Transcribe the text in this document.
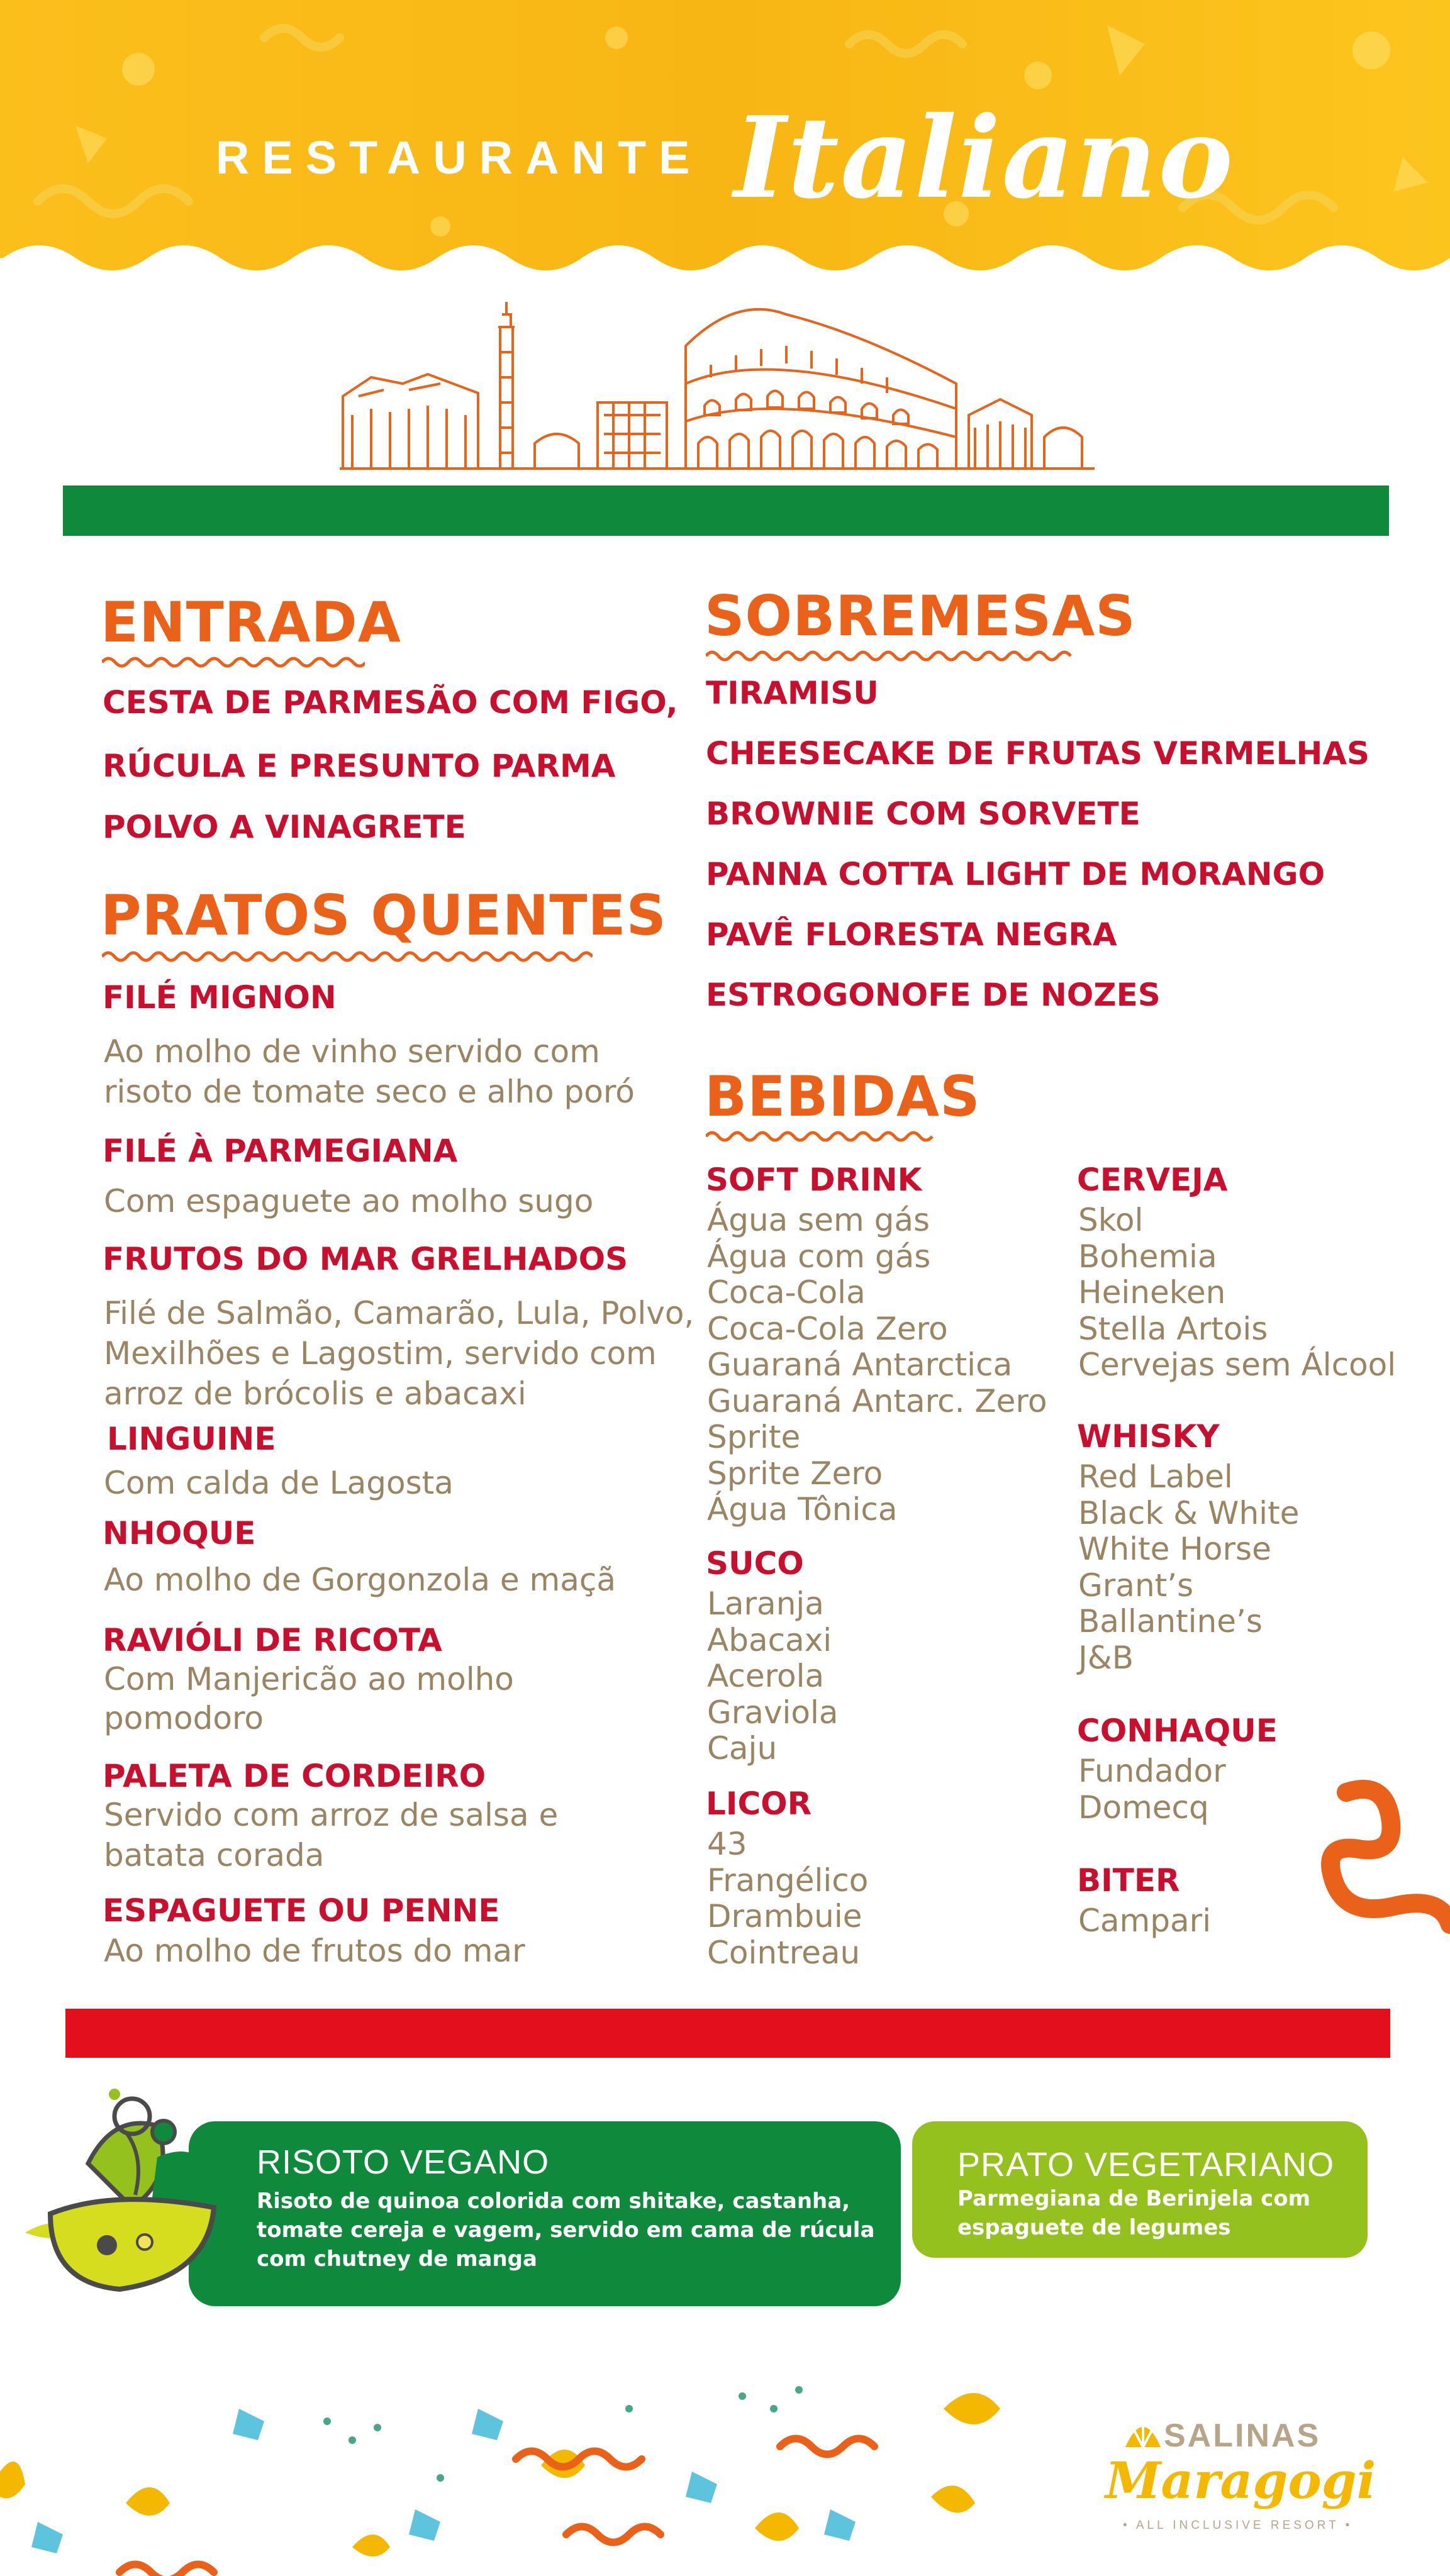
RESTAURANTE Italiano
ENTRADA
CESTA DE PARMESÃO COM FIGO,
RÚCULA E PRESUNTO PARMA
POLVO A VINAGRETE
PRATOS QUENTES
FILÉ MIGNON
Ao molho de vinho servido com
risoto de tomate seco e alho poró
FILÉ À PARMEGIANA
Com espaguete ao molho sugo
FRUTOS DO MAR GRELHADOS
Filé de Salmão, Camarão, Lula, Polvo,
Mexilhões e Lagostim, servido com
arroz de brócolis e abacaxi
LINGUINE
Com calda de Lagosta
NHOQUE
Ao molho de Gorgonzola e maçã
RAVIÓLI DE RICOTA
Com Manjericão ao molho
pomodoro
PALETA DE CORDEIRO
Servido com arroz de salsa e
batata corada
ESPAGUETE OU PENNE
Ao molho de frutos do mar
SOBREMESAS
TIRAMISU
CHEESECAKE DE FRUTAS VERMELHAS
BROWNIE COM SORVETE
PANNA COTTA LIGHT DE MORANGO
PAVÊ FLORESTA NEGRA
ESTROGONOFE DE NOZES
BEBIDAS
SOFT DRINK
Água sem gás
Água com gás
Coca-Cola
Coca-Cola Zero
Guaraná Antarctica
Guaraná Antarc. Zero
Sprite
Sprite Zero
Água Tônica
SUCO
Laranja
Abacaxi
Acerola
Graviola
Caju
LICOR
43
Frangélico
Drambuie
Cointreau
CERVEJA
Skol
Bohemia
Heineken
Stella Artois
Cervejas sem Álcool
WHISKY
Red Label
Black & White
White Horse
Grant’s
Ballantine’s
J&B
CONHAQUE
Fundador
Domecq
BITER
Campari
RISOTO VEGANO
Risoto de quinoa colorida com shitake, castanha,
tomate cereja e vagem, servido em cama de rúcula
com chutney de manga
PRATO VEGETARIANO
Parmegiana de Berinjela com
espaguete de legumes
SALINAS
Maragogi
• ALL INCLUSIVE RESORT •
